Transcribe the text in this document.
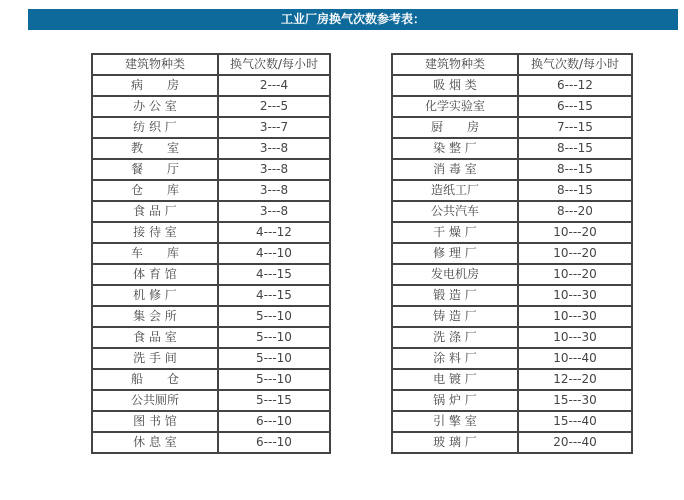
工业厂房换气次数参考表：
建筑物种类	换气次数/每小时
病　　房	2---4
办 公 室	2---5
纺 织 厂	3---7
教　　室	3---8
餐　　厅	3---8
仓　　库	3---8
食 品 厂	3---8
接 待 室	4---12
车　　库	4---10
体 育 馆	4---15
机 修 厂	4---15
集 会 所	5---10
食 品 室	5---10
洗 手 间	5---10
船　　仓	5---10
公共厕所	5---15
图 书 馆	6---10
休 息 室	6---10
建筑物种类	换气次数/每小时
吸 烟 类	6---12
化学实验室	6---15
厨　　房	7---15
染 整 厂	8---15
消 毒 室	8---15
造纸工厂	8---15
公共汽车	8---20
干 燥 厂	10---20
修 理 厂	10---20
发电机房	10---20
锻 造 厂	10---30
铸 造 厂	10---30
洗 涤 厂	10---30
涂 料 厂	10---40
电 镀 厂	12---20
锅 炉 厂	15---30
引 擎 室	15---40
玻 璃 厂	20---40
